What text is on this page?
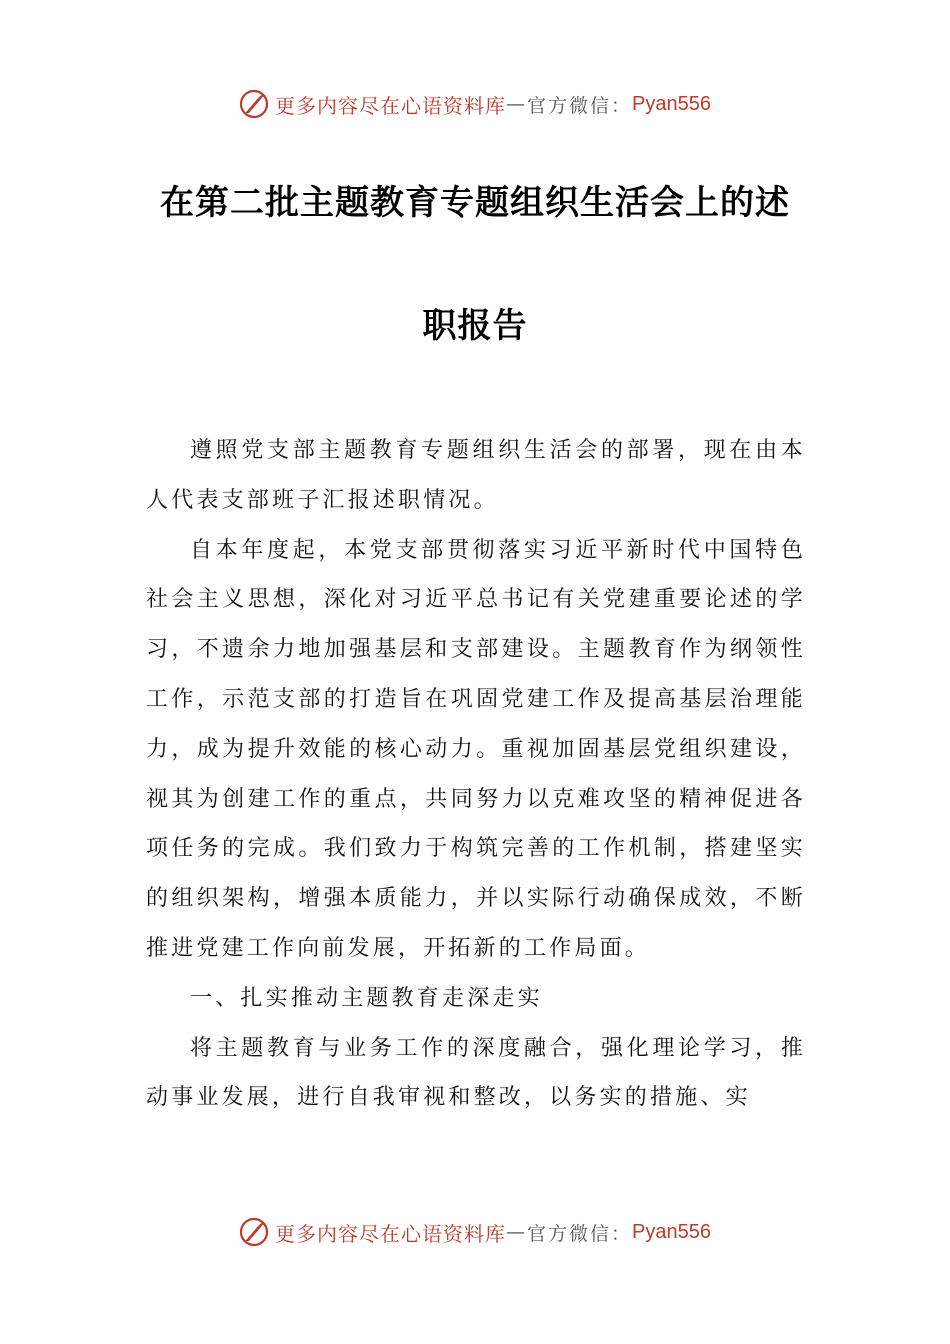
更多内容尽在心语资料库 — 官方微信： Pyan556
在第二批主题教育专题组织生活会上的述
职报告

遵照党支部主题教育专题组织生活会的部署，现在由本人代表支部班子汇报述职情况。

自本年度起，本党支部贯彻落实习近平新时代中国特色社会主义思想，深化对习近平总书记有关党建重要论述的学习，不遗余力地加强基层和支部建设。主题教育作为纲领性工作，示范支部的打造旨在巩固党建工作及提高基层治理能力，成为提升效能的核心动力。重视加固基层党组织建设，视其为创建工作的重点，共同努力以克难攻坚的精神促进各项任务的完成。我们致力于构筑完善的工作机制，搭建坚实的组织架构，增强本质能力，并以实际行动确保成效，不断推进党建工作向前发展，开拓新的工作局面。

一、扎实推动主题教育走深走实

将主题教育与业务工作的深度融合，强化理论学习，推动事业发展，进行自我审视和整改，以务实的措施、实

更多内容尽在心语资料库 — 官方微信： Pyan556
